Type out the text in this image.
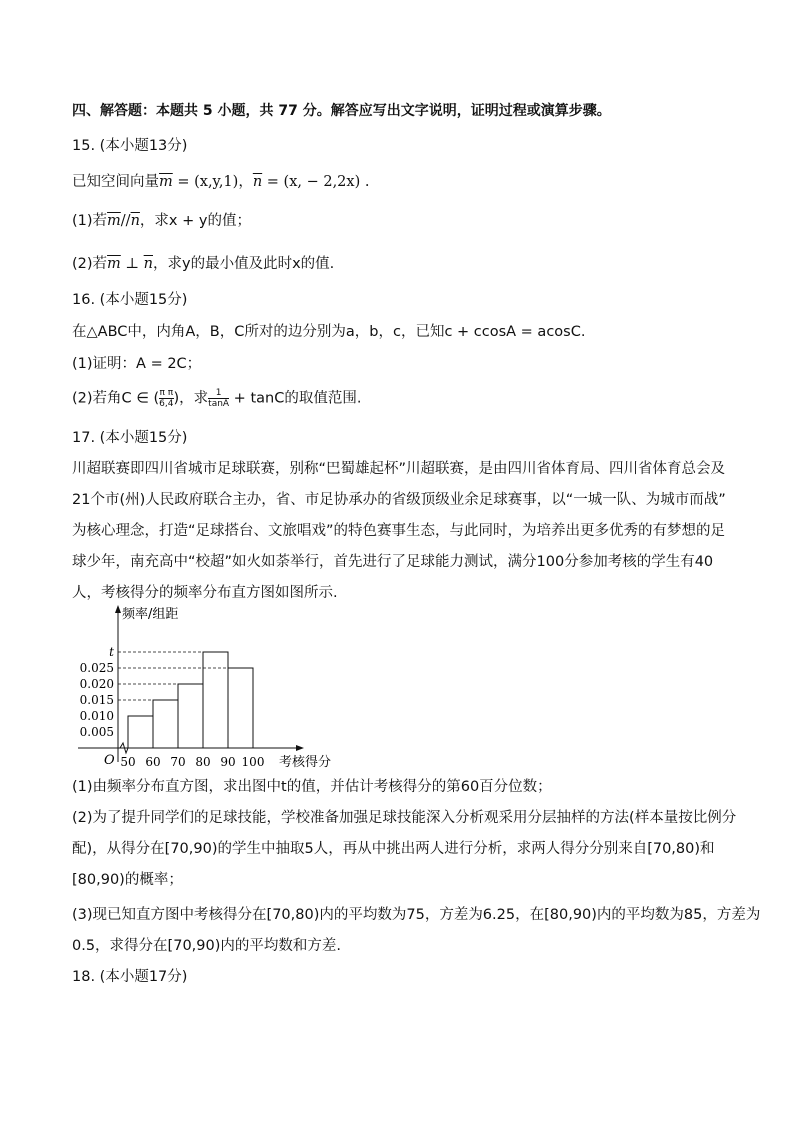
四、解答题：本题共 5 小题，共 77 分。解答应写出文字说明，证明过程或演算步骤。
15. (本小题13分)
已知空间向量$\overline{m} = (x,y,1)$，$\overline{n} = (x$, − 2,2x) .
(1)若$\overline{m}//\overline{n}$，求x + y的值；
(2)若$\overline{m}$ ⊥ $\overline{n}$，求y的最小值及此时x的值.
16. (本小题15分)
在△ABC中，内角A，B，C所对的边分别为a，b，c，已知c + ccosA = acosC.
(1)证明：A = 2C；
(2)若角C ∈ ( $\frac{\text{π π}}{6,4}$ )，求 $\frac{1}{\tan A} + \tan C$的取值范围.
17. (本小题15分)
川超联赛即四川省城市足球联赛，别称“巴蜀雄起杯”川超联赛，是由四川省体育局、四川省体育总会及
21个市(州)人民政府联合主办，省、市足协承办的省级顶级业余足球赛事，以“一城一队、为城市而战”
为核心理念，打造“足球搭台、文旅唱戏”的特色赛事生态，与此同时，为培养出更多优秀的有梦想的足
球少年，南充高中“校超”如火如荼举行，首先进行了足球能力测试，满分100分参加考核的学生有40
人，考核得分的频率分布直方图如图所示.
O
频率/组距
考核得分
0.005
0.010
0.015
0.020
0.025
t
50 60 70 80 90 100
(1)由频率分布直方图，求出图中t的值，并估计考核得分的第60百分位数；
(2)为了提升同学们的足球技能，学校准备加强足球技能深入分析观采用分层抽样的方法(样本量按比例分
配)，从得分在[70,90)的学生中抽取5人，再从中挑出两人进行分析，求两人得分分别来自[70,80)和
[80,90)的概率；
(3)现已知直方图中考核得分在[70,80)内的平均数为75，方差为6.25，在[80,90)内的平均数为85，方差为
0.5，求得分在[70,90)内的平均数和方差.
18. (本小题17分)
